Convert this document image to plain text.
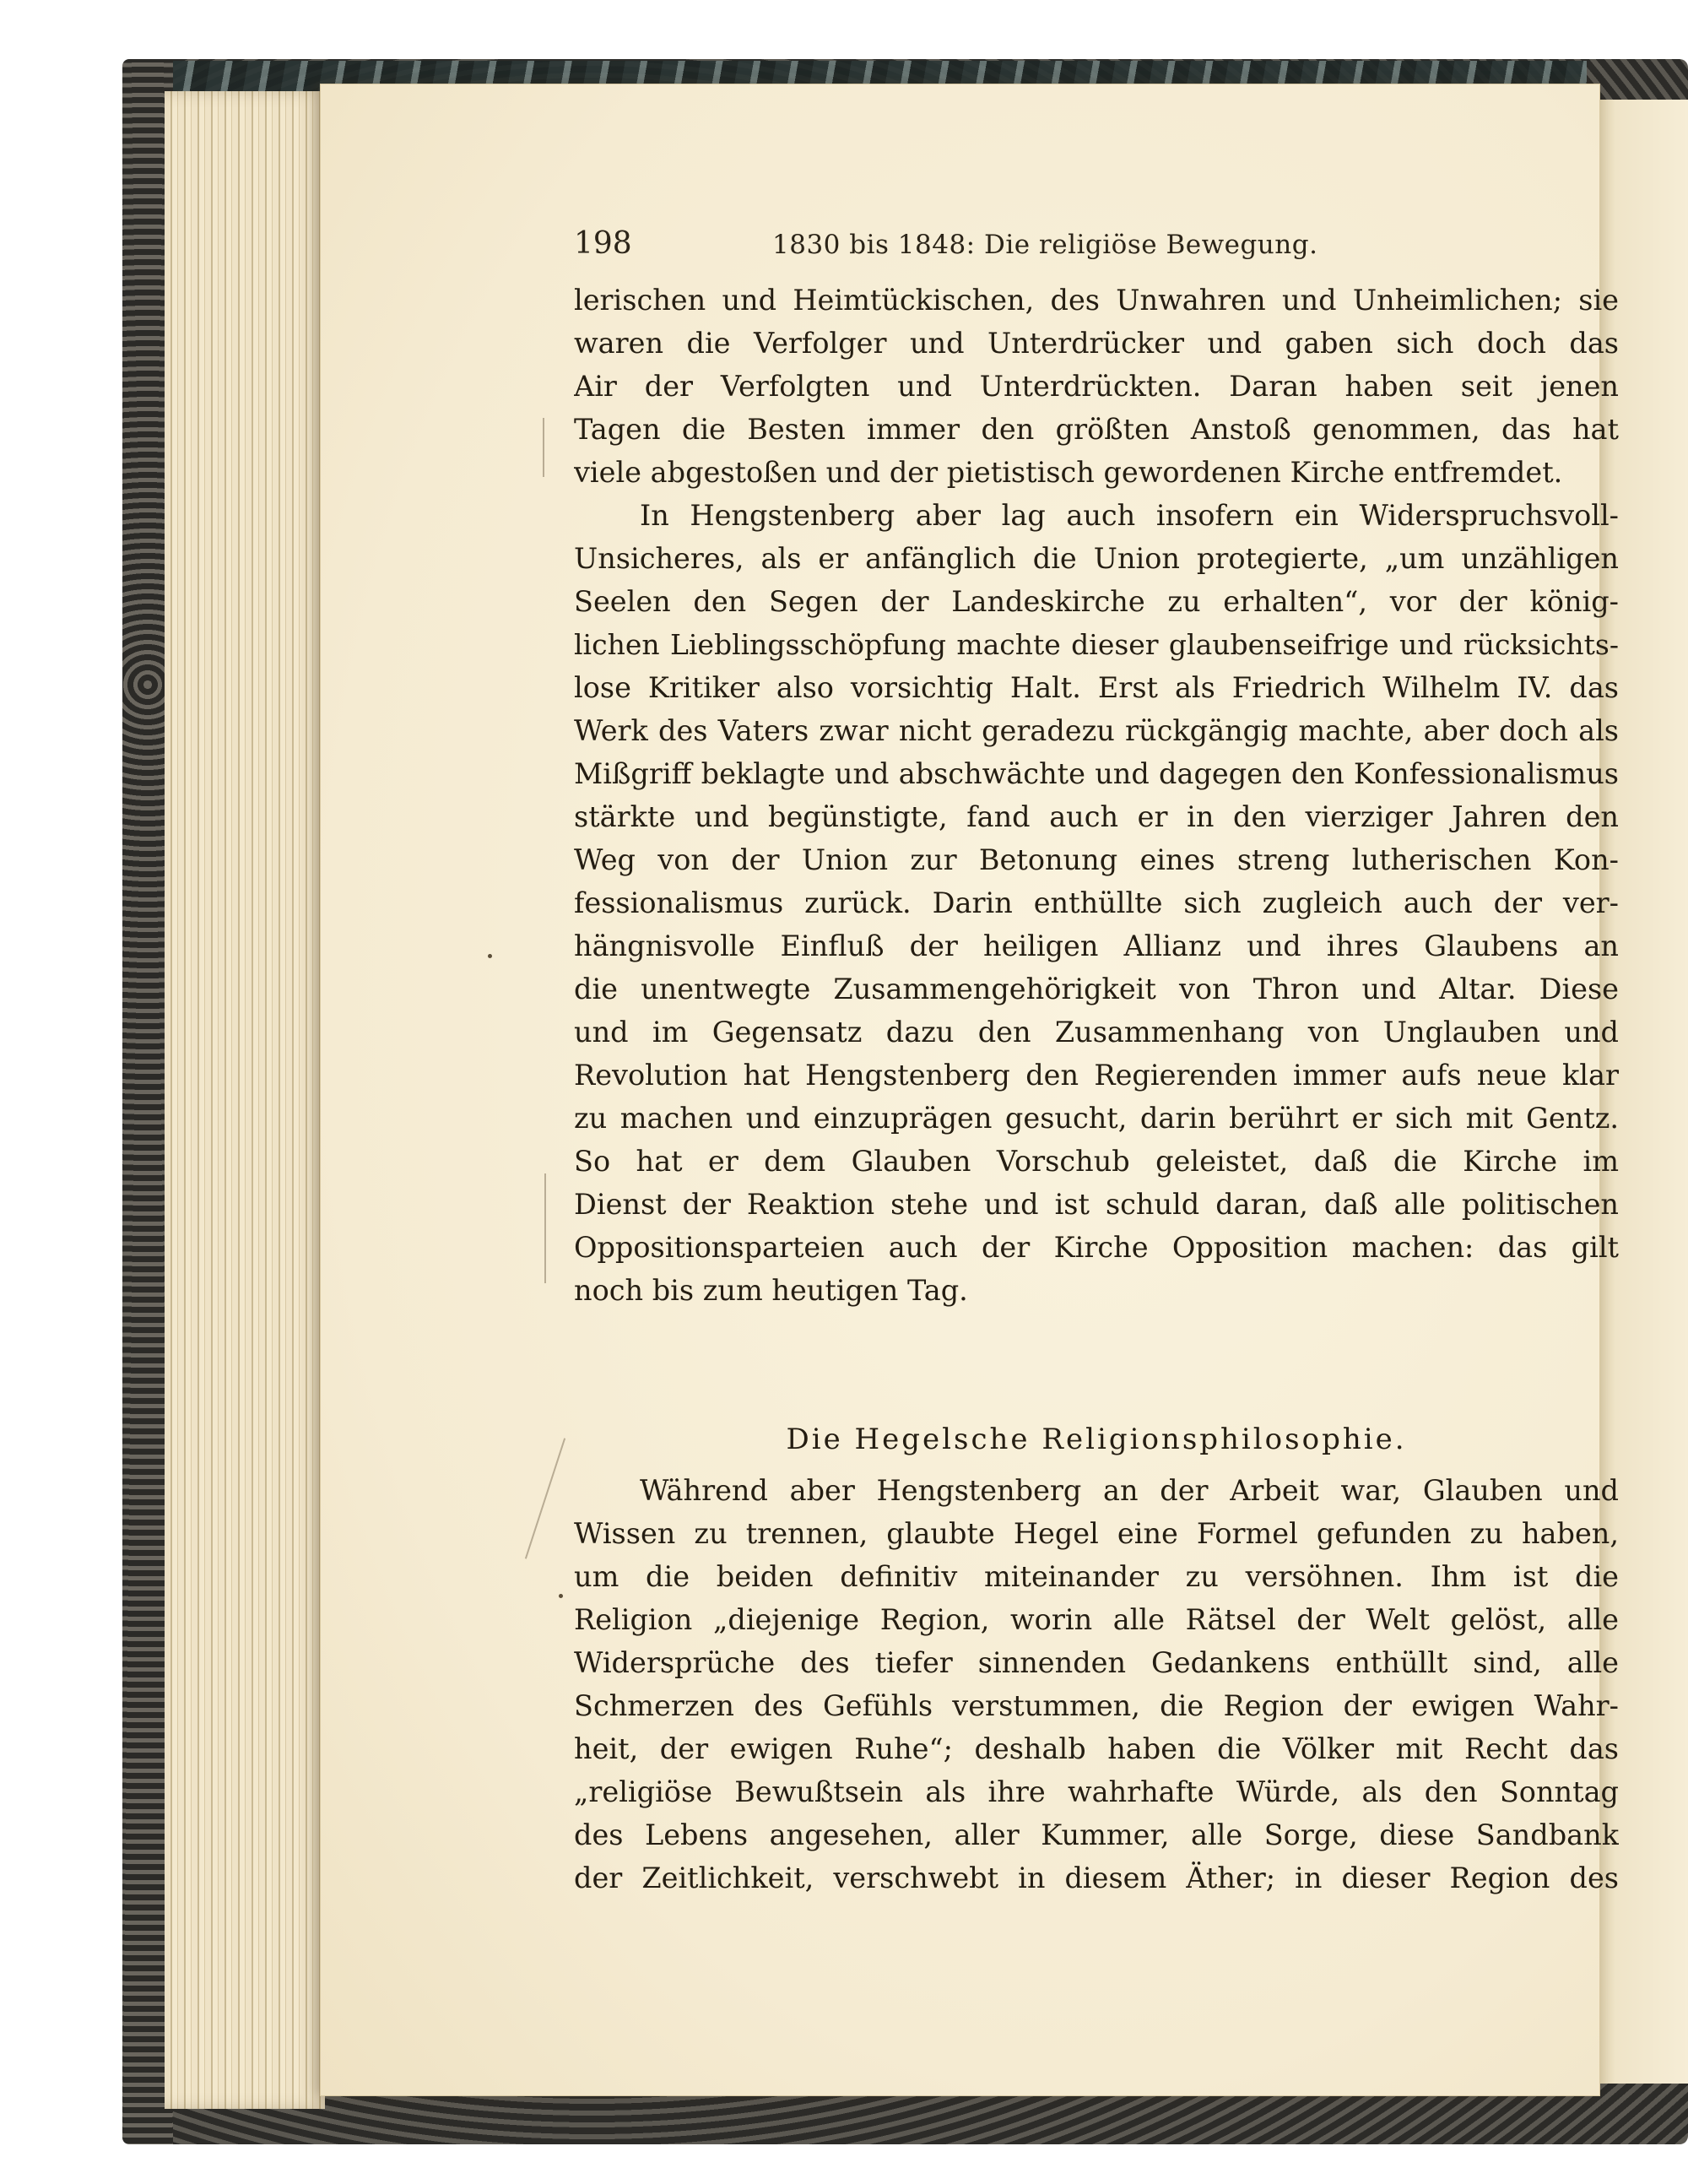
198	1830 bis 1848: Die religiöse Bewegung.
lerischen und Heimtückischen, des Unwahren und Unheimlichen; sie
waren die Verfolger und Unterdrücker und gaben sich doch das
Air der Verfolgten und Unterdrückten. Daran haben seit jenen
Tagen die Besten immer den größten Anstoß genommen, das hat
viele abgestoßen und der pietistisch gewordenen Kirche entfremdet.
In Hengstenberg aber lag auch insofern ein Widerspruchsvoll-
Unsicheres, als er anfänglich die Union protegierte, „um unzähligen
Seelen den Segen der Landeskirche zu erhalten“, vor der könig-
lichen Lieblingsschöpfung machte dieser glaubenseifrige und rücksichts-
lose Kritiker also vorsichtig Halt. Erst als Friedrich Wilhelm IV. das
Werk des Vaters zwar nicht geradezu rückgängig machte, aber doch als
Mißgriff beklagte und abschwächte und dagegen den Konfessionalismus
stärkte und begünstigte, fand auch er in den vierziger Jahren den
Weg von der Union zur Betonung eines streng lutherischen Kon-
fessionalismus zurück. Darin enthüllte sich zugleich auch der ver-
hängnisvolle Einfluß der heiligen Allianz und ihres Glaubens an
die unentwegte Zusammengehörigkeit von Thron und Altar. Diese
und im Gegensatz dazu den Zusammenhang von Unglauben und
Revolution hat Hengstenberg den Regierenden immer aufs neue klar
zu machen und einzuprägen gesucht, darin berührt er sich mit Gentz.
So hat er dem Glauben Vorschub geleistet, daß die Kirche im
Dienst der Reaktion stehe und ist schuld daran, daß alle politischen
Oppositionsparteien auch der Kirche Opposition machen: das gilt
noch bis zum heutigen Tag.
Die Hegelsche Religionsphilosophie.
Während aber Hengstenberg an der Arbeit war, Glauben und
Wissen zu trennen, glaubte Hegel eine Formel gefunden zu haben,
um die beiden definitiv miteinander zu versöhnen. Ihm ist die
Religion „diejenige Region, worin alle Rätsel der Welt gelöst, alle
Widersprüche des tiefer sinnenden Gedankens enthüllt sind, alle
Schmerzen des Gefühls verstummen, die Region der ewigen Wahr-
heit, der ewigen Ruhe“; deshalb haben die Völker mit Recht das
„religiöse Bewußtsein als ihre wahrhafte Würde, als den Sonntag
des Lebens angesehen, aller Kummer, alle Sorge, diese Sandbank
der Zeitlichkeit, verschwebt in diesem Äther; in dieser Region des
